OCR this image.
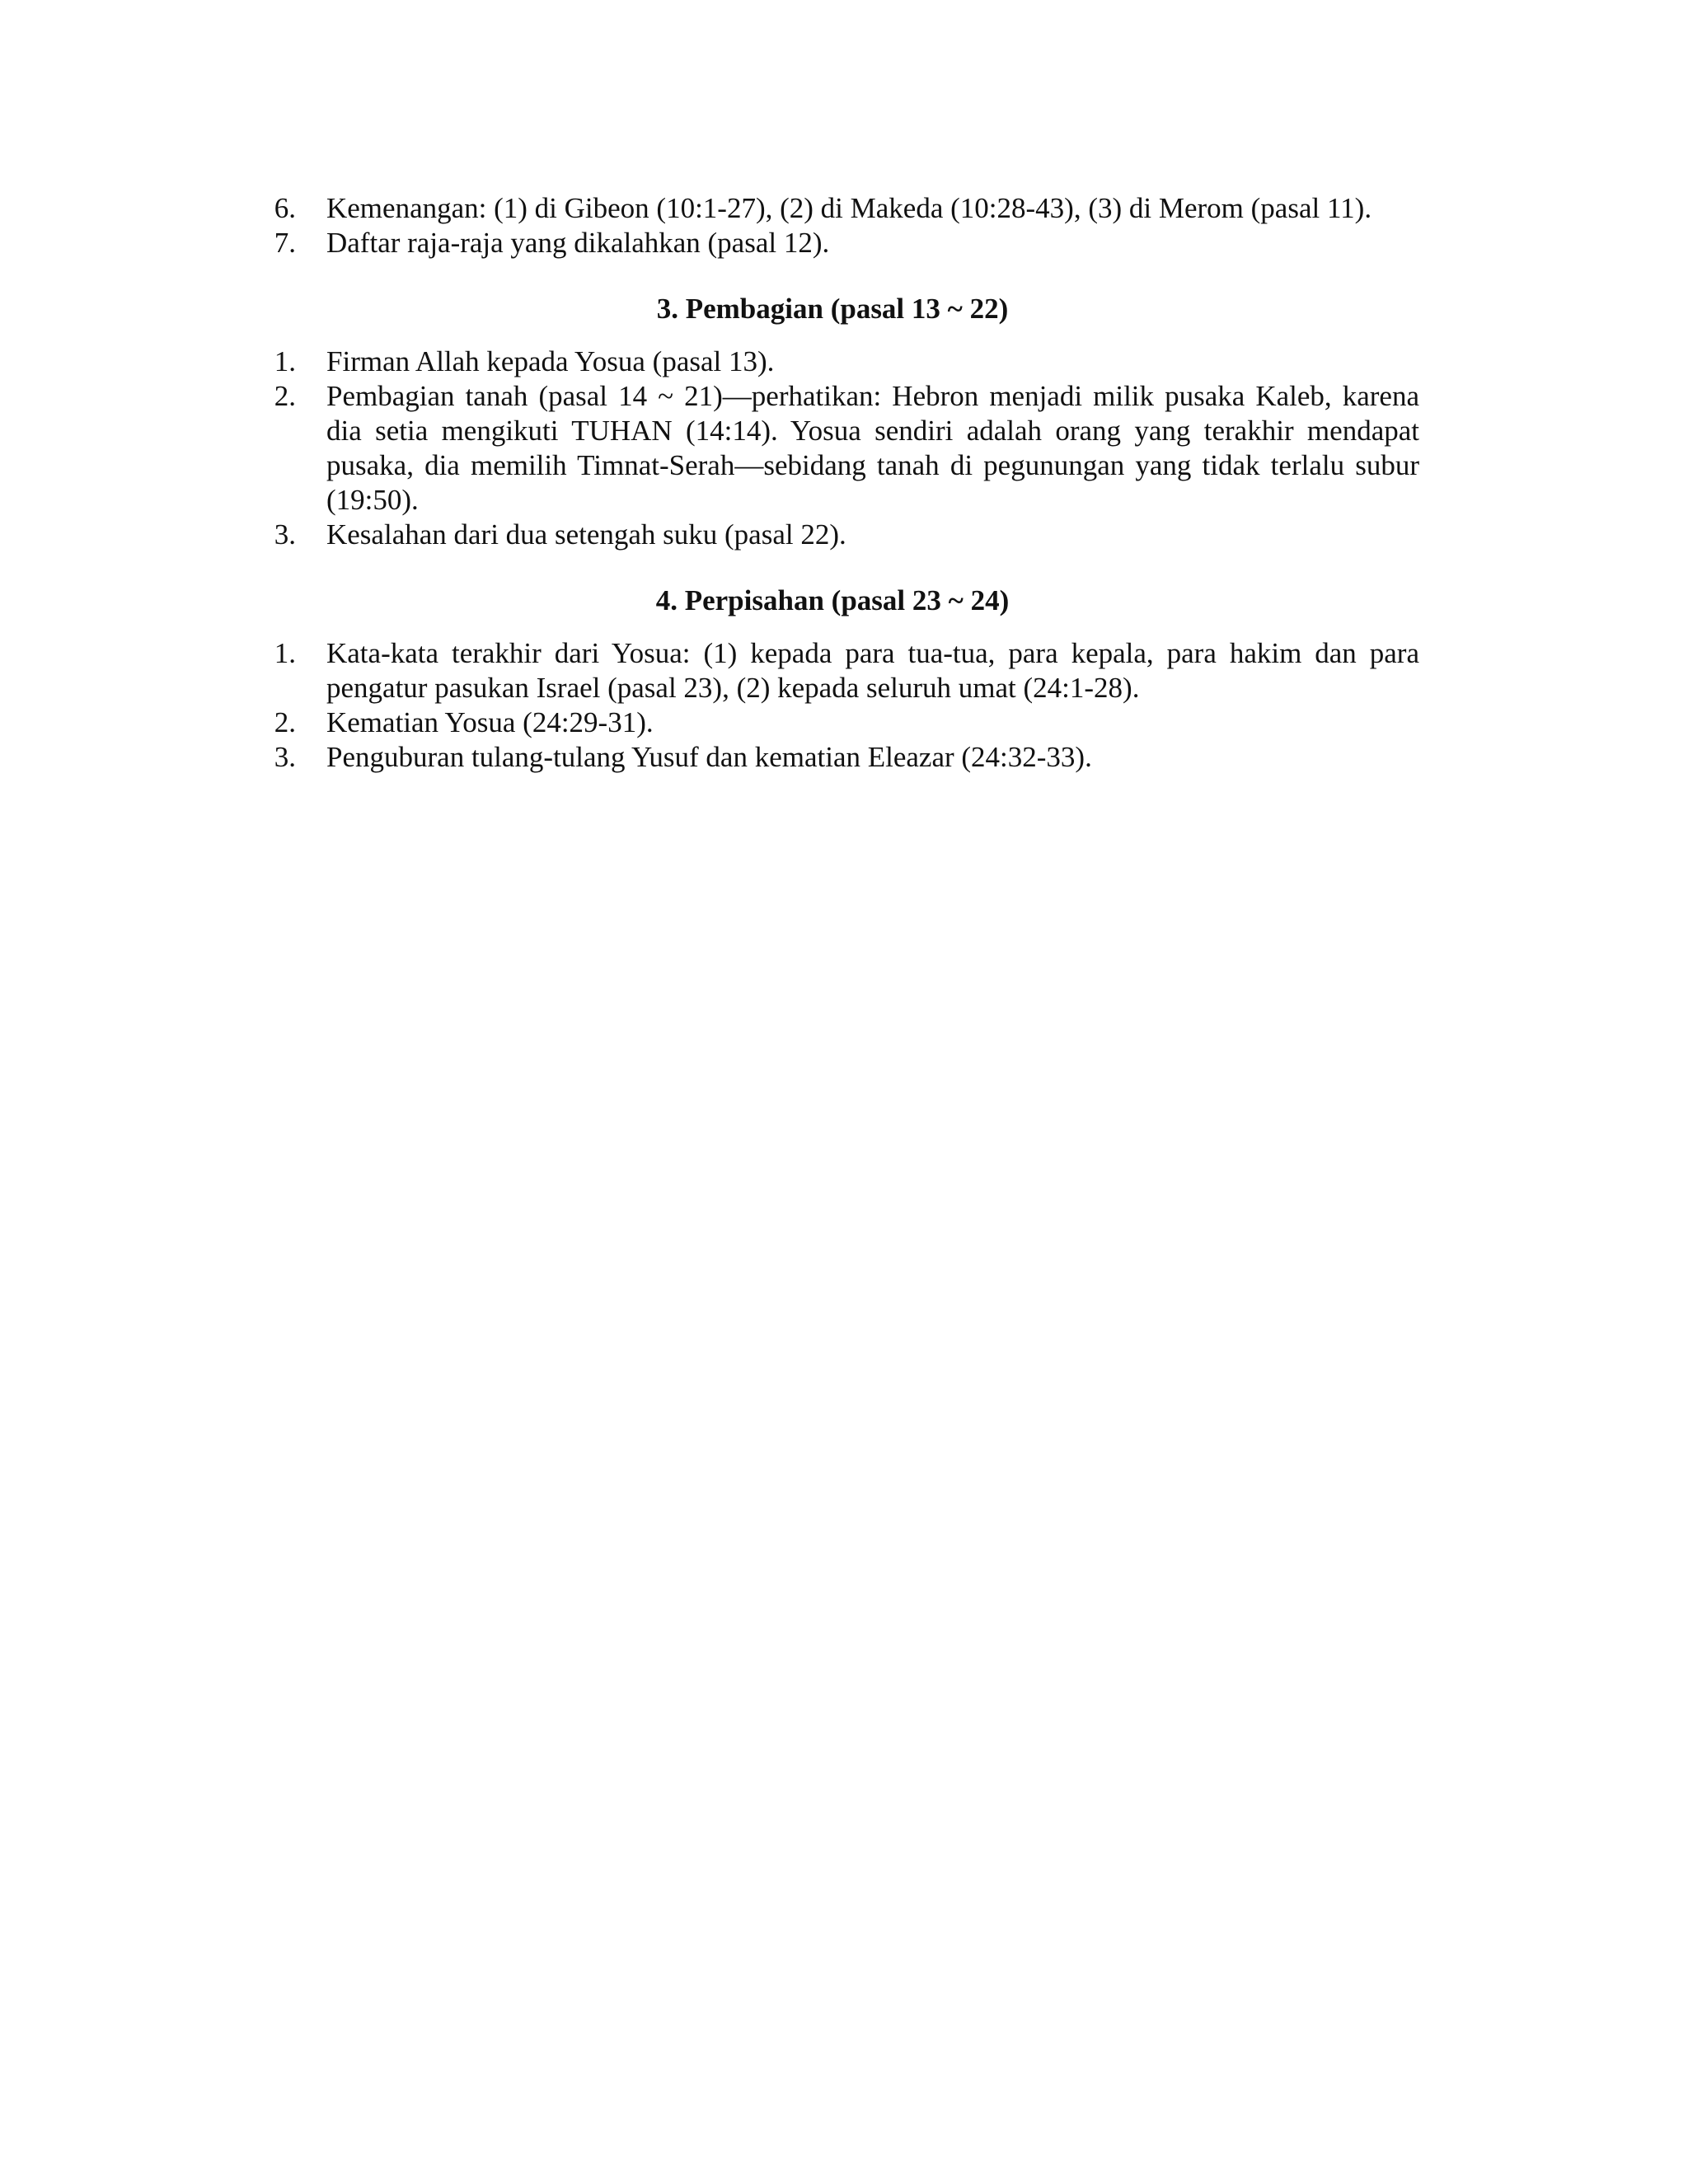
6. Kemenangan: (1) di Gibeon (10:1-27), (2) di Makeda (10:28-43), (3) di Merom (pasal 11).
7. Daftar raja-raja yang dikalahkan (pasal 12).
3. Pembagian (pasal 13 ~ 22)
1. Firman Allah kepada Yosua (pasal 13).
2. Pembagian tanah (pasal 14 ~ 21)—perhatikan: Hebron menjadi milik pusaka Kaleb, karena dia setia mengikuti TUHAN (14:14). Yosua sendiri adalah orang yang terakhir mendapat pusaka, dia memilih Timnat-Serah—sebidang tanah di pegunungan yang tidak terlalu subur (19:50).
3. Kesalahan dari dua setengah suku (pasal 22).
4. Perpisahan (pasal 23 ~ 24)
1. Kata-kata terakhir dari Yosua: (1) kepada para tua-tua, para kepala, para hakim dan para pengatur pasukan Israel (pasal 23), (2) kepada seluruh umat (24:1-28).
2. Kematian Yosua (24:29-31).
3. Penguburan tulang-tulang Yusuf dan kematian Eleazar (24:32-33).
